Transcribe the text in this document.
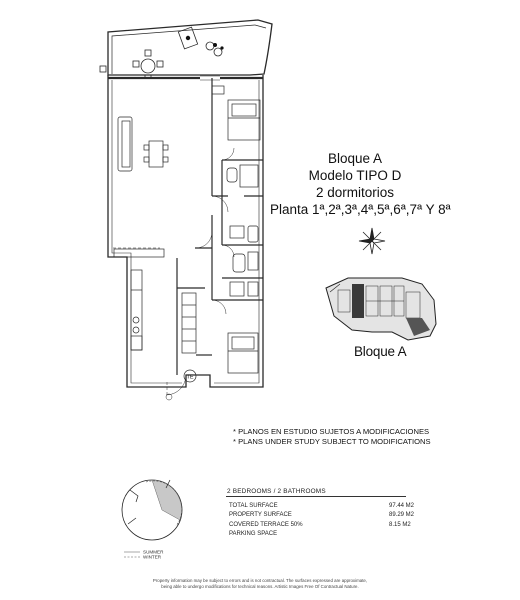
TE
Bloque A
Modelo TIPO D
2 dormitorios
Planta 1ª,2ª,3ª,4ª,5ª,6ª,7ª Y 8ª
Bloque A
* PLANOS EN ESTUDIO SUJETOS A MODIFICACIONES
* PLANS UNDER STUDY SUBJECT TO MODIFICATIONS
SUMMER
WINTER
2 BEDROOMS / 2 BATHROOMS
TOTAL SURFACE	97.44 M2
PROPERTY SURFACE	89.29 M2
COVERED TERRACE 50%	8.15 M2
PARKING SPACE
Property information may be subject to errors and is not contractual. The surfaces expressed are approximate,
being able to undergo modifications for technical reasons. Artistic Images Free Of Contractual Nature.
